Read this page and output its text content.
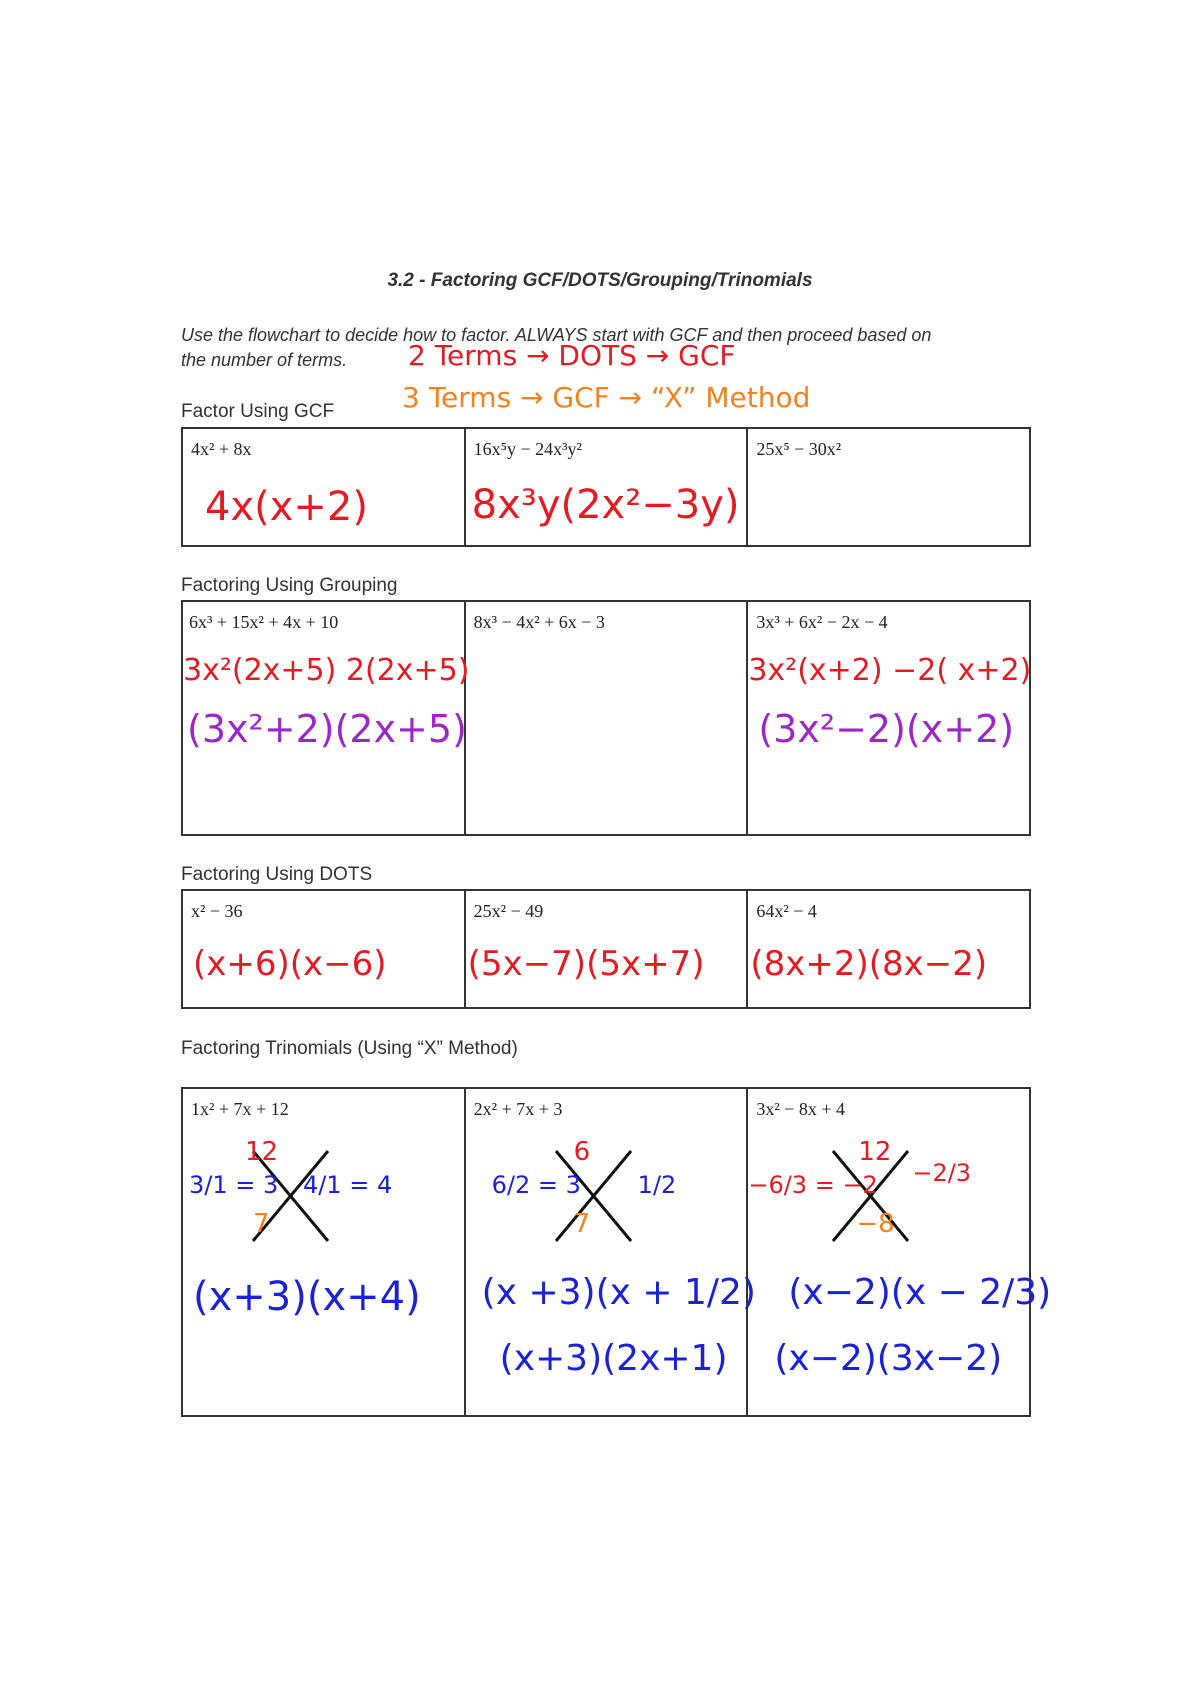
3.2 - Factoring GCF/DOTS/Grouping/Trinomials
Use the flowchart to decide how to factor. ALWAYS start with GCF and then proceed based on
the number of terms.	2 Terms → DOTS → GCF
3 Terms → GCF → “X” Method
Factor Using GCF
4x² + 8x
4x(x+2)
16x⁵y − 24x³y²
8x³y(2x²−3y)
25x⁵ − 30x²
Factoring Using Grouping
6x³ + 15x² + 4x + 10
3x²(2x+5) 2(2x+5)
(3x²+2)(2x+5)
8x³ − 4x² + 6x − 3	3x³ + 6x² − 2x − 4
3x²(x+2) −2( x+2)
(3x²−2)(x+2)
Factoring Using DOTS
x² − 36
(x+6)(x−6)
25x² − 49
(5x−7)(5x+7)
64x² − 4
(8x+2)(8x−2)
Factoring Trinomials (Using “X” Method)
1x² + 7x + 12
12
7
3/1 = 3 4/1 = 4
(x+3)(x+4)
2x² + 7x + 3
6
7
6/2 = 3 1/2
(x +3)(x + 1/2)
(x+3)(2x+1)
3x² − 8x + 4
12
−8
−6/3 = −2 −2/3
(x−2)(x − 2/3)
(x−2)(3x−2)
